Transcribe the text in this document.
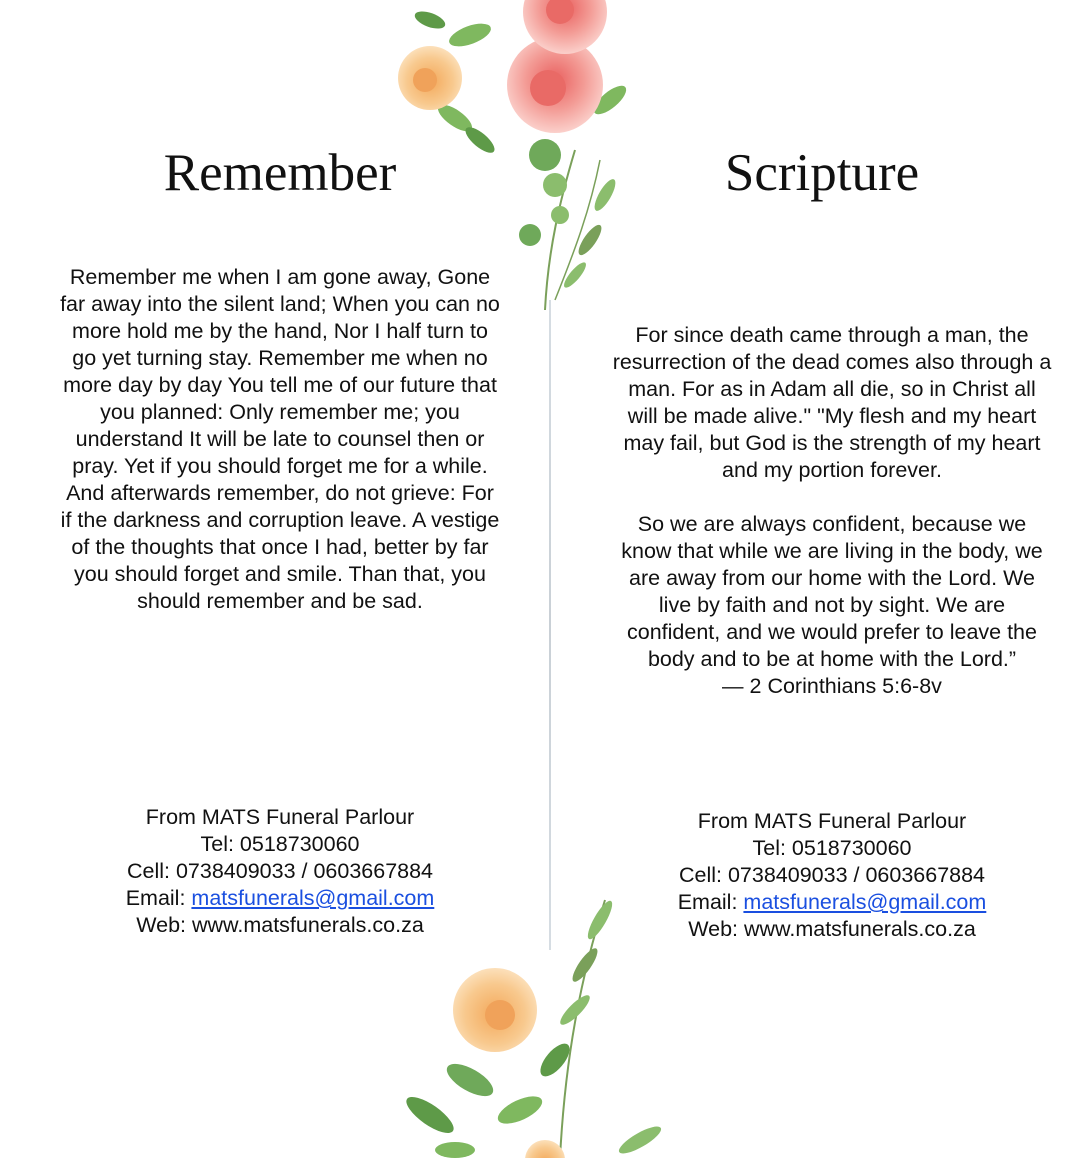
Remember
Remember me when I am gone away, Gone far away into the silent land; When you can no more hold me by the hand, Nor I half turn to go yet turning stay. Remember me when no more day by day You tell me of our future that you planned: Only remember me; you understand It will be late to counsel then or pray. Yet if you should forget me for a while. And afterwards remember, do not grieve: For if the darkness and corruption leave. A vestige of the thoughts that once I had, better by far you should forget and smile. Than that, you should remember and be sad.
From MATS Funeral Parlour
Tel: 0518730060
Cell: 0738409033 / 0603667884
Email: matsfunerals@gmail.com
Web: www.matsfunerals.co.za
Scripture

For since death came through a man, the resurrection of the dead comes also through a man. For as in Adam all die, so in Christ all will be made alive." "My flesh and my heart may fail, but God is the strength of my heart and my portion forever.

So we are always confident, because we know that while we are living in the body, we are away from our home with the Lord. We live by faith and not by sight. We are confident, and we would prefer to leave the body and to be at home with the Lord.”

— 2 Corinthians 5:6-8v

From MATS Funeral Parlour
Tel: 0518730060
Cell: 0738409033 / 0603667884
Email: matsfunerals@gmail.com
Web: www.matsfunerals.co.za
